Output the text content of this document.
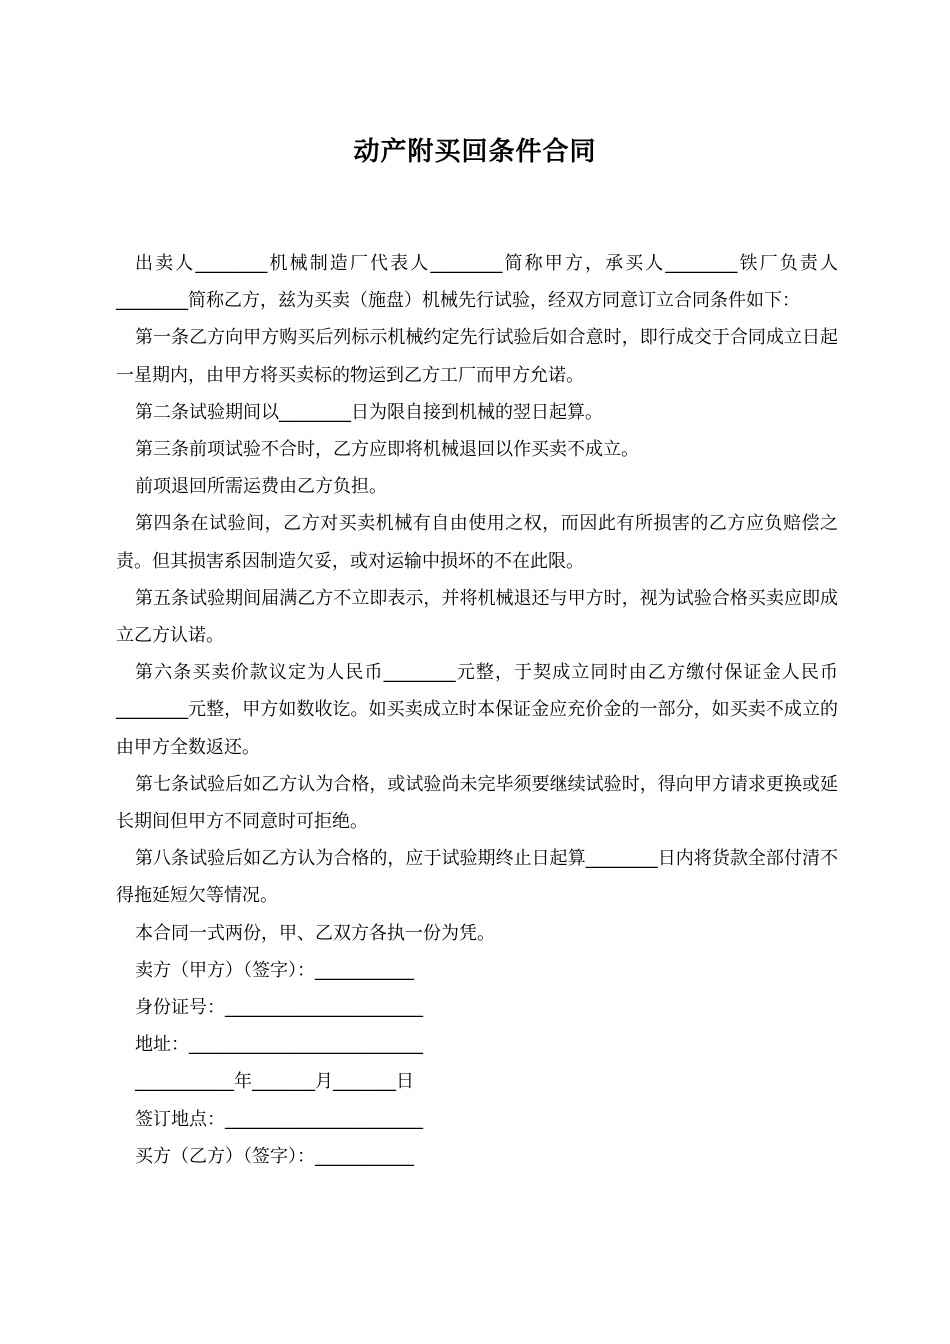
动产附买回条件合同

出卖人________机械制造厂代表人________简称甲方，承买人________铁厂负责人________简称乙方，兹为买卖（施盘）机械先行试验，经双方同意订立合同条件如下：

第一条乙方向甲方购买后列标示机械约定先行试验后如合意时，即行成交于合同成立日起一星期内，由甲方将买卖标的物运到乙方工厂而甲方允诺。

第二条试验期间以________日为限自接到机械的翌日起算。

第三条前项试验不合时，乙方应即将机械退回以作买卖不成立。

前项退回所需运费由乙方负担。

第四条在试验间，乙方对买卖机械有自由使用之权，而因此有所损害的乙方应负赔偿之责。但其损害系因制造欠妥，或对运输中损坏的不在此限。

第五条试验期间届满乙方不立即表示，并将机械退还与甲方时，视为试验合格买卖应即成立乙方认诺。

第六条买卖价款议定为人民币________元整，于契成立同时由乙方缴付保证金人民币________元整，甲方如数收讫。如买卖成立时本保证金应充价金的一部分，如买卖不成立的由甲方全数返还。

第七条试验后如乙方认为合格，或试验尚未完毕须要继续试验时，得向甲方请求更换或延长期间但甲方不同意时可拒绝。

第八条试验后如乙方认为合格的，应于试验期终止日起算________日内将货款全部付清不得拖延短欠等情况。

本合同一式两份，甲、乙双方各执一份为凭。

卖方（甲方）（签字）：___________

身份证号：______________________

地址：__________________________

___________年_______月_______日

签订地点：______________________

买方（乙方）（签字）：___________
